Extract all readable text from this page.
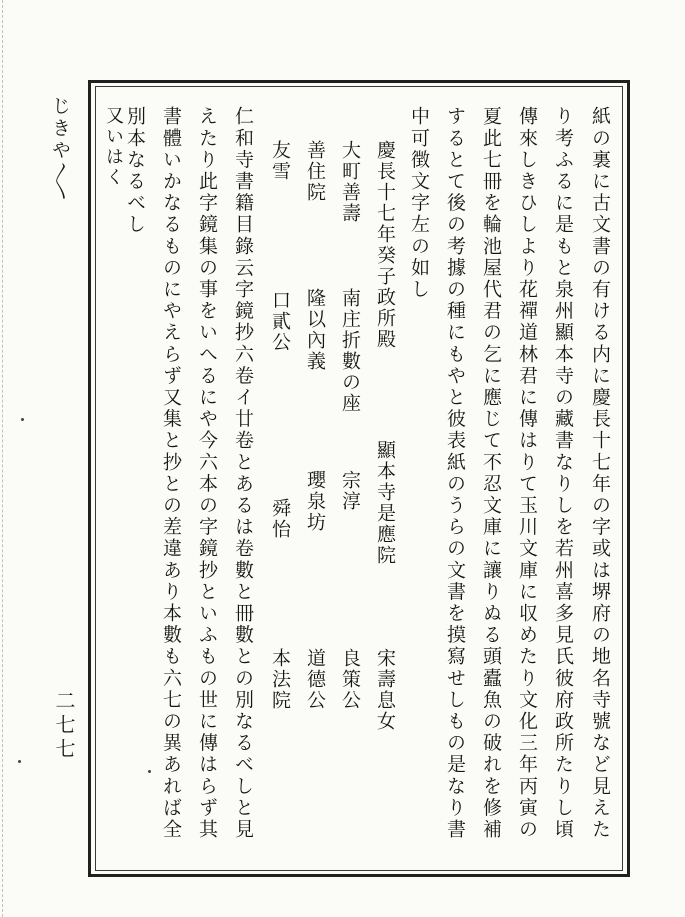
じきや〳〵
二七七	紙の裏に古文書の有ける内に慶長十七年の字或は堺府の地名寺號など見えた
り考ふるに是もと泉州顯本寺の藏書なりしを若州喜多見氏彼府政所たりし頃
傳來しきひしより花禪道林君に傳はりて玉川文庫に収めたり文化三年丙寅の
夏此七冊を輪池屋代君の乞に應じて不忍文庫に讓りぬる頭蠹魚の破れを修補
するとて後の考據の種にもやと彼表紙のうらの文書を摸寫せしもの是なり書
中可徴文字左の如し
慶長十七年癸子政所殿
顯本寺是應院
宋壽息女
大町善壽
南庄折數の座
宗淳
良策公
善住院
隆以內義
瓔泉坊
道德公
友雪
口貳公
舜怡
本法院
仁和寺書籍目錄云字鏡抄六卷イ廿卷とあるは卷數と冊數との別なるべしと見
えたり此字鏡集の事をいへるにや今六本の字鏡抄といふもの世に傳はらず其
書體いかなるものにやえらず又集と抄との差違あり本數も六七の異あれば全
別本なるべし
又いはく
